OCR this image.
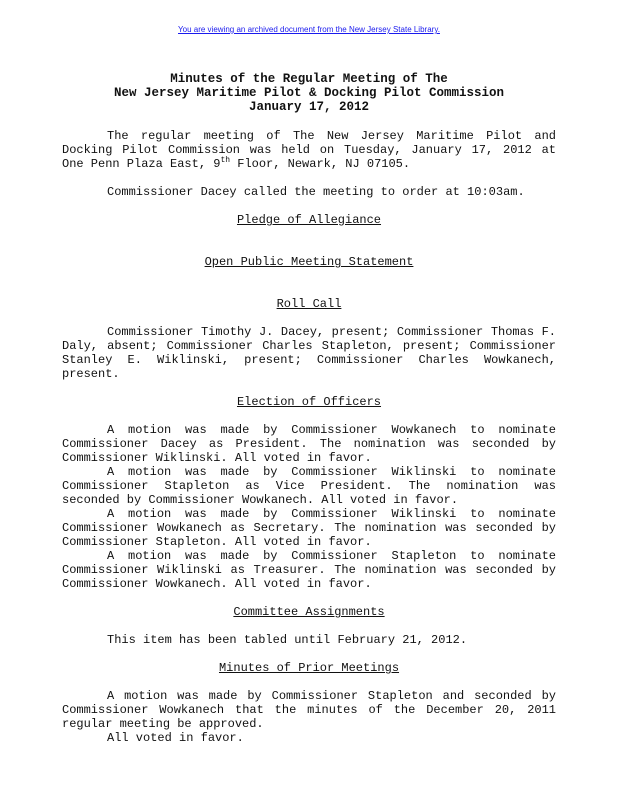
You are viewing an archived document from the New Jersey State Library.
Minutes of the Regular Meeting of The
New Jersey Maritime Pilot & Docking Pilot Commission
January 17, 2012

The regular meeting of The New Jersey Maritime Pilot and Docking Pilot Commission was held on Tuesday, January 17, 2012 at One Penn Plaza East, 9th Floor, Newark, NJ 07105.

Commissioner Dacey called the meeting to order at 10:03am.

Pledge of Allegiance

Open Public Meeting Statement

Roll Call

Commissioner Timothy J. Dacey, present; Commissioner Thomas F. Daly, absent; Commissioner Charles Stapleton, present; Commissioner Stanley E. Wiklinski, present; Commissioner Charles Wowkanech, present.

Election of Officers

A motion was made by Commissioner Wowkanech to nominate Commissioner Dacey as President. The nomination was seconded by Commissioner Wiklinski. All voted in favor.

A motion was made by Commissioner Wiklinski to nominate Commissioner Stapleton as Vice President. The nomination was seconded by Commissioner Wowkanech. All voted in favor.

A motion was made by Commissioner Wiklinski to nominate Commissioner Wowkanech as Secretary. The nomination was seconded by Commissioner Stapleton. All voted in favor.

A motion was made by Commissioner Stapleton to nominate Commissioner Wiklinski as Treasurer. The nomination was seconded by Commissioner Wowkanech. All voted in favor.

Committee Assignments

This item has been tabled until February 21, 2012.

Minutes of Prior Meetings

A motion was made by Commissioner Stapleton and seconded by Commissioner Wowkanech that the minutes of the December 20, 2011 regular meeting be approved.

All voted in favor.
